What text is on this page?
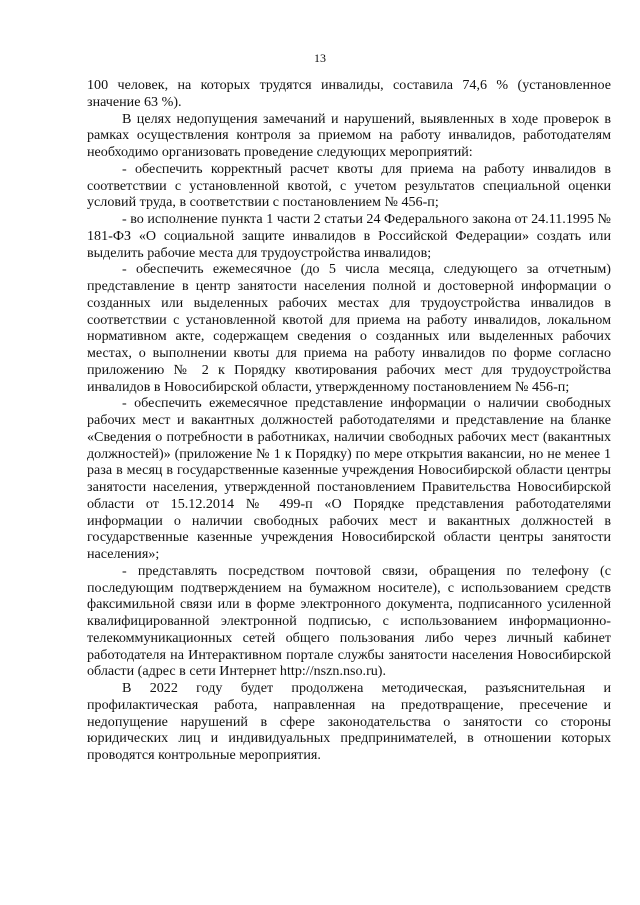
13

100 человек, на которых трудятся инвалиды, составила 74,6 % (установленное значение 63 %).

В целях недопущения замечаний и нарушений, выявленных в ходе проверок в рамках осуществления контроля за приемом на работу инвалидов, работодателям необходимо организовать проведение следующих мероприятий:

- обеспечить корректный расчет квоты для приема на работу инвалидов в соответствии с установленной квотой, с учетом результатов специальной оценки условий труда, в соответствии с постановлением № 456-п;

- во исполнение пункта 1 части 2 статьи 24 Федерального закона от 24.11.1995 № 181-ФЗ «О социальной защите инвалидов в Российской Федерации» создать или выделить рабочие места для трудоустройства инвалидов;

- обеспечить ежемесячное (до 5 числа месяца, следующего за отчетным) представление в центр занятости населения полной и достоверной информации о созданных или выделенных рабочих местах для трудоустройства инвалидов в соответствии с установленной квотой для приема на работу инвалидов, локальном нормативном акте, содержащем сведения о созданных или выделенных рабочих местах, о выполнении квоты для приема на работу инвалидов по форме согласно приложению № 2 к Порядку квотирования рабочих мест для трудоустройства инвалидов в Новосибирской области, утвержденному постановлением № 456-п;

- обеспечить ежемесячное представление информации о наличии свободных рабочих мест и вакантных должностей работодателями и представление на бланке «Сведения о потребности в работниках, наличии свободных рабочих мест (вакантных должностей)» (приложение № 1 к Порядку) по мере открытия вакансии, но не менее 1 раза в месяц в государственные казенные учреждения Новосибирской области центры занятости населения, утвержденной постановлением Правительства Новосибирской области от 15.12.2014 № 499-п «О Порядке представления работодателями информации о наличии свободных рабочих мест и вакантных должностей в государственные казенные учреждения Новосибирской области центры занятости населения»;

- представлять посредством почтовой связи, обращения по телефону (с последующим подтверждением на бумажном носителе), с использованием средств факсимильной связи или в форме электронного документа, подписанного усиленной квалифицированной электронной подписью, с использованием информационно-телекоммуникационных сетей общего пользования либо через личный кабинет работодателя на Интерактивном портале службы занятости населения Новосибирской области (адрес в сети Интернет http://nszn.nso.ru).

В 2022 году будет продолжена методическая, разъяснительная и профилактическая работа, направленная на предотвращение, пресечение и недопущение нарушений в сфере законодательства о занятости со стороны юридических лиц и индивидуальных предпринимателей, в отношении которых проводятся контрольные мероприятия.
